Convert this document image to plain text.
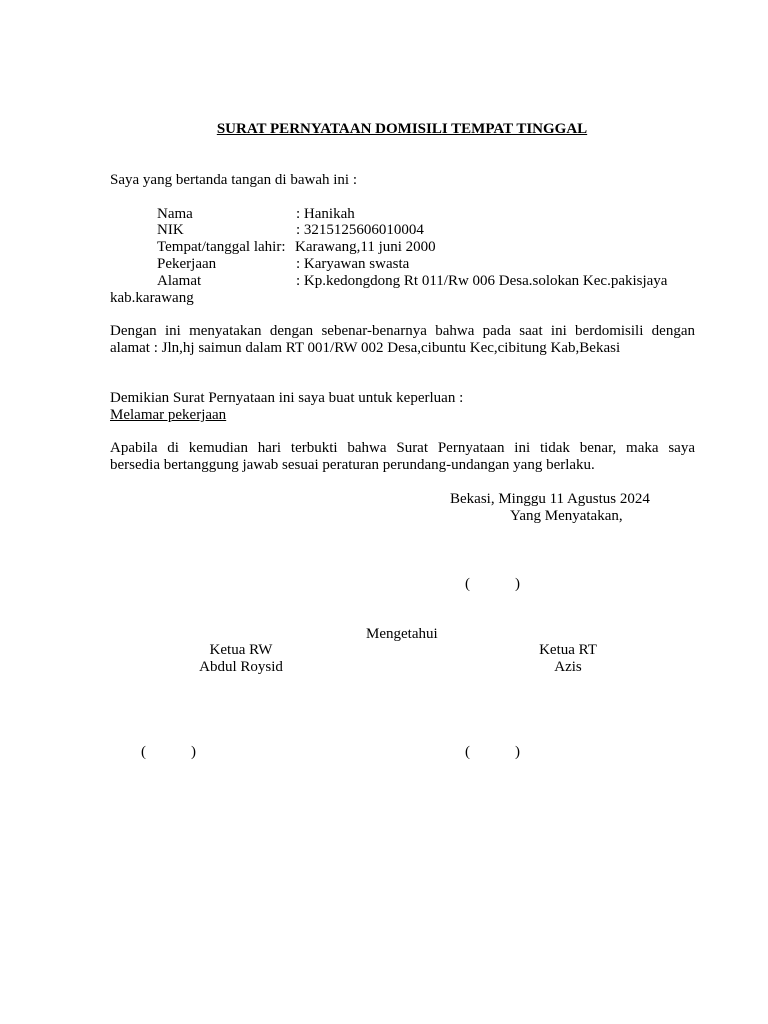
SURAT PERNYATAAN DOMISILI TEMPAT TINGGAL
Saya yang bertanda tangan di bawah ini :
Nama	: Hanikah
NIK	: 3215125606010004
Tempat/tanggal lahir: Karawang,11 juni 2000
Pekerjaan	: Karyawan swasta
Alamat	: Kp.kedongdong Rt 011/Rw 006 Desa.solokan Kec.pakisjaya
kab.karawang
Dengan ini menyatakan dengan sebenar-benarnya bahwa pada saat ini berdomisili dengan
alamat : Jln,hj saimun dalam RT 001/RW 002 Desa,cibuntu Kec,cibitung Kab,Bekasi
Demikian Surat Pernyataan ini saya buat untuk keperluan :
Melamar pekerjaan
Apabila di kemudian hari terbukti bahwa Surat Pernyataan ini tidak benar, maka saya
bersedia bertanggung jawab sesuai peraturan perundang-undangan yang berlaku.
Bekasi, Minggu 11 Agustus 2024
Yang Menyatakan,
(            )
Mengetahui
Ketua RW
Abdul Roysid
Ketua RT
Azis
(            )	(            )
